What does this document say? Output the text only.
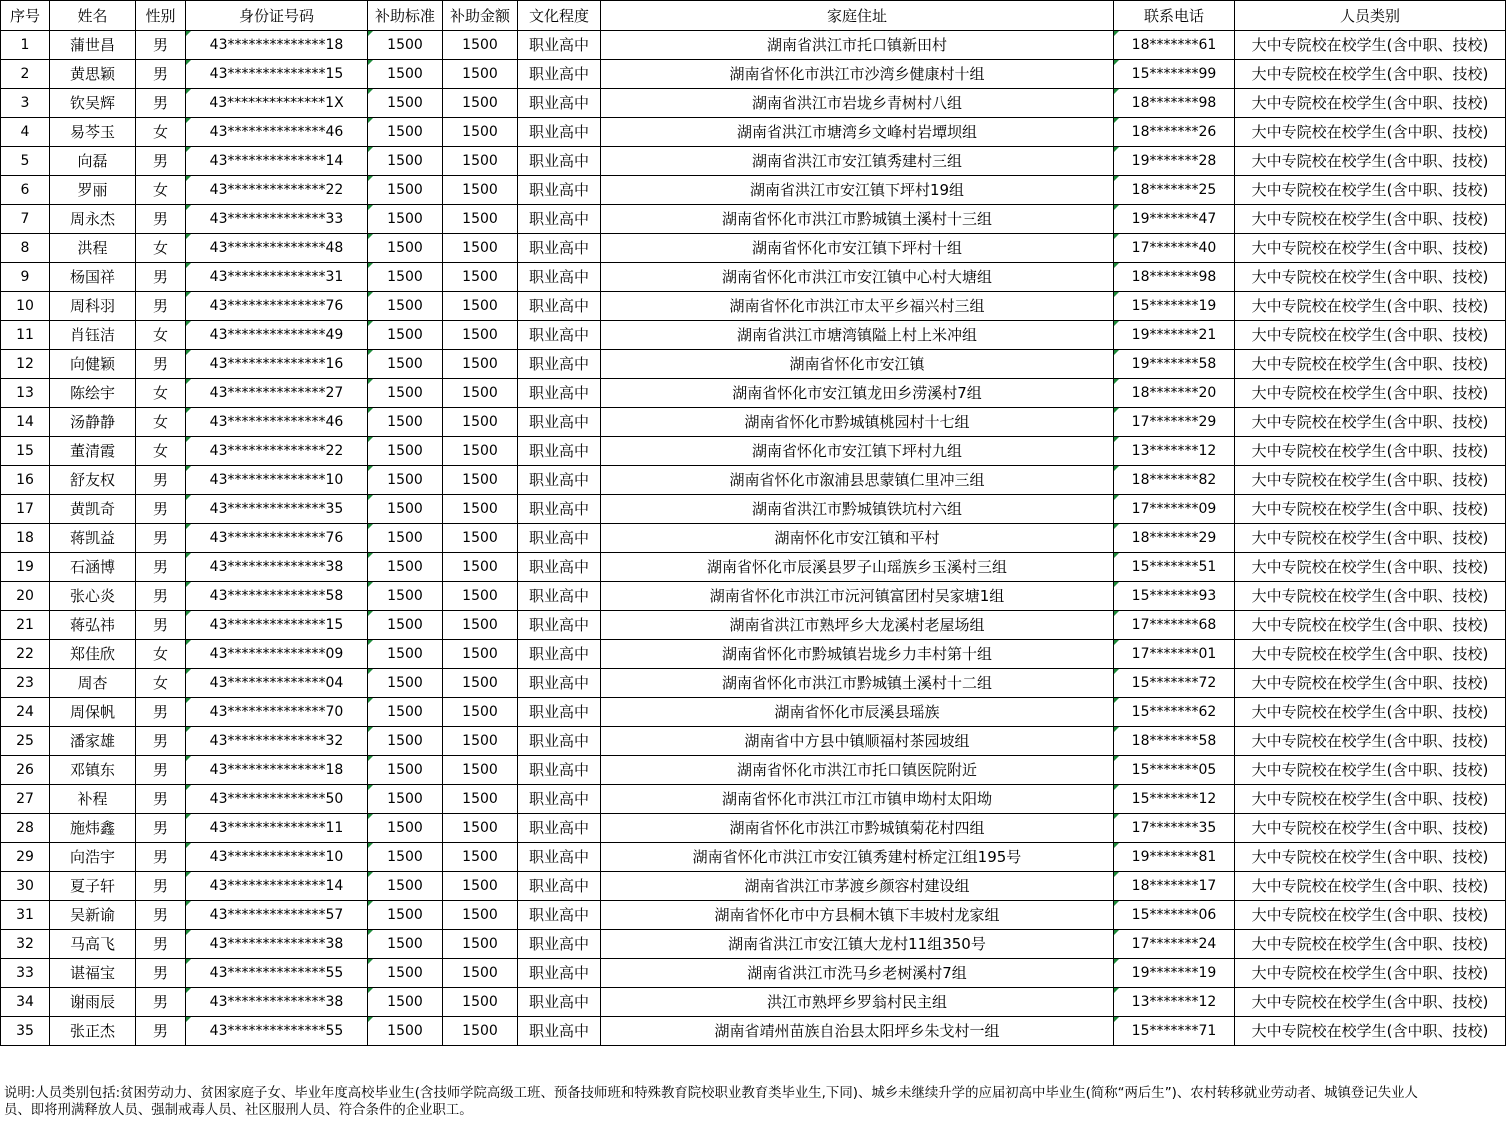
序号	姓名	性别	身份证号码	补助标准	补助金额	文化程度	家庭住址	联系电话	人员类别
1	蒲世昌	男	43**************18	1500	1500	职业高中	湖南省洪江市托口镇新田村	18*******61	大中专院校在校学生(含中职、技校)
2	黄思颖	男	43**************15	1500	1500	职业高中	湖南省怀化市洪江市沙湾乡健康村十组	15*******99	大中专院校在校学生(含中职、技校)
3	钦吴辉	男	43**************1X	1500	1500	职业高中	湖南省洪江市岩垅乡青树村八组	18*******98	大中专院校在校学生(含中职、技校)
4	易芩玉	女	43**************46	1500	1500	职业高中	湖南省洪江市塘湾乡文峰村岩墰坝组	18*******26	大中专院校在校学生(含中职、技校)
5	向磊	男	43**************14	1500	1500	职业高中	湖南省洪江市安江镇秀建村三组	19*******28	大中专院校在校学生(含中职、技校)
6	罗丽	女	43**************22	1500	1500	职业高中	湖南省洪江市安江镇下坪村19组	18*******25	大中专院校在校学生(含中职、技校)
7	周永杰	男	43**************33	1500	1500	职业高中	湖南省怀化市洪江市黔城镇土溪村十三组	19*******47	大中专院校在校学生(含中职、技校)
8	洪程	女	43**************48	1500	1500	职业高中	湖南省怀化市安江镇下坪村十组	17*******40	大中专院校在校学生(含中职、技校)
9	杨国祥	男	43**************31	1500	1500	职业高中	湖南省怀化市洪江市安江镇中心村大塘组	18*******98	大中专院校在校学生(含中职、技校)
10	周科羽	男	43**************76	1500	1500	职业高中	湖南省怀化市洪江市太平乡福兴村三组	15*******19	大中专院校在校学生(含中职、技校)
11	肖钰洁	女	43**************49	1500	1500	职业高中	湖南省洪江市塘湾镇隘上村上米冲组	19*******21	大中专院校在校学生(含中职、技校)
12	向健颖	男	43**************16	1500	1500	职业高中	湖南省怀化市安江镇	19*******58	大中专院校在校学生(含中职、技校)
13	陈绘宇	女	43**************27	1500	1500	职业高中	湖南省怀化市安江镇龙田乡涝溪村7组	18*******20	大中专院校在校学生(含中职、技校)
14	汤静静	女	43**************46	1500	1500	职业高中	湖南省怀化市黔城镇桃园村十七组	17*******29	大中专院校在校学生(含中职、技校)
15	董清霞	女	43**************22	1500	1500	职业高中	湖南省怀化市安江镇下坪村九组	13*******12	大中专院校在校学生(含中职、技校)
16	舒友权	男	43**************10	1500	1500	职业高中	湖南省怀化市溆浦县思蒙镇仁里冲三组	18*******82	大中专院校在校学生(含中职、技校)
17	黄凯奇	男	43**************35	1500	1500	职业高中	湖南省洪江市黔城镇铁坑村六组	17*******09	大中专院校在校学生(含中职、技校)
18	蒋凯益	男	43**************76	1500	1500	职业高中	湖南怀化市安江镇和平村	18*******29	大中专院校在校学生(含中职、技校)
19	石涵博	男	43**************38	1500	1500	职业高中	湖南省怀化市辰溪县罗子山瑶族乡玉溪村三组	15*******51	大中专院校在校学生(含中职、技校)
20	张心炎	男	43**************58	1500	1500	职业高中	湖南省怀化市洪江市沅河镇富团村吴家塘1组	15*******93	大中专院校在校学生(含中职、技校)
21	蒋弘祎	男	43**************15	1500	1500	职业高中	湖南省洪江市熟坪乡大龙溪村老屋场组	17*******68	大中专院校在校学生(含中职、技校)
22	郑佳欣	女	43**************09	1500	1500	职业高中	湖南省怀化市黔城镇岩垅乡力丰村第十组	17*******01	大中专院校在校学生(含中职、技校)
23	周杏	女	43**************04	1500	1500	职业高中	湖南省怀化市洪江市黔城镇土溪村十二组	15*******72	大中专院校在校学生(含中职、技校)
24	周保帆	男	43**************70	1500	1500	职业高中	湖南省怀化市辰溪县瑶族	15*******62	大中专院校在校学生(含中职、技校)
25	潘家雄	男	43**************32	1500	1500	职业高中	湖南省中方县中镇顺福村茶园坡组	18*******58	大中专院校在校学生(含中职、技校)
26	邓镇东	男	43**************18	1500	1500	职业高中	湖南省怀化市洪江市托口镇医院附近	15*******05	大中专院校在校学生(含中职、技校)
27	补程	男	43**************50	1500	1500	职业高中	湖南省怀化市洪江市江市镇申坳村太阳坳	15*******12	大中专院校在校学生(含中职、技校)
28	施炜鑫	男	43**************11	1500	1500	职业高中	湖南省怀化市洪江市黔城镇菊花村四组	17*******35	大中专院校在校学生(含中职、技校)
29	向浩宇	男	43**************10	1500	1500	职业高中	湖南省怀化市洪江市安江镇秀建村桥定江组195号	19*******81	大中专院校在校学生(含中职、技校)
30	夏子轩	男	43**************14	1500	1500	职业高中	湖南省洪江市茅渡乡颜容村建设组	18*******17	大中专院校在校学生(含中职、技校)
31	吴新谕	男	43**************57	1500	1500	职业高中	湖南省怀化市中方县桐木镇下丰坡村龙家组	15*******06	大中专院校在校学生(含中职、技校)
32	马高飞	男	43**************38	1500	1500	职业高中	湖南省洪江市安江镇大龙村11组350号	17*******24	大中专院校在校学生(含中职、技校)
33	谌福宝	男	43**************55	1500	1500	职业高中	湖南省洪江市洗马乡老树溪村7组	19*******19	大中专院校在校学生(含中职、技校)
34	谢雨辰	男	43**************38	1500	1500	职业高中	洪江市熟坪乡罗翁村民主组	13*******12	大中专院校在校学生(含中职、技校)
35	张正杰	男	43**************55	1500	1500	职业高中	湖南省靖州苗族自治县太阳坪乡朱戈村一组	15*******71	大中专院校在校学生(含中职、技校)
说明:人员类别包括:贫困劳动力、贫困家庭子女、毕业年度高校毕业生(含技师学院高级工班、预备技师班和特殊教育院校职业教育类毕业生,下同)、城乡未继续升学的应届初高中毕业生(简称“两后生”)、农村转移就业劳动者、城镇登记失业人员、即将刑满释放人员、强制戒毒人员、社区服刑人员、符合条件的企业职工。
